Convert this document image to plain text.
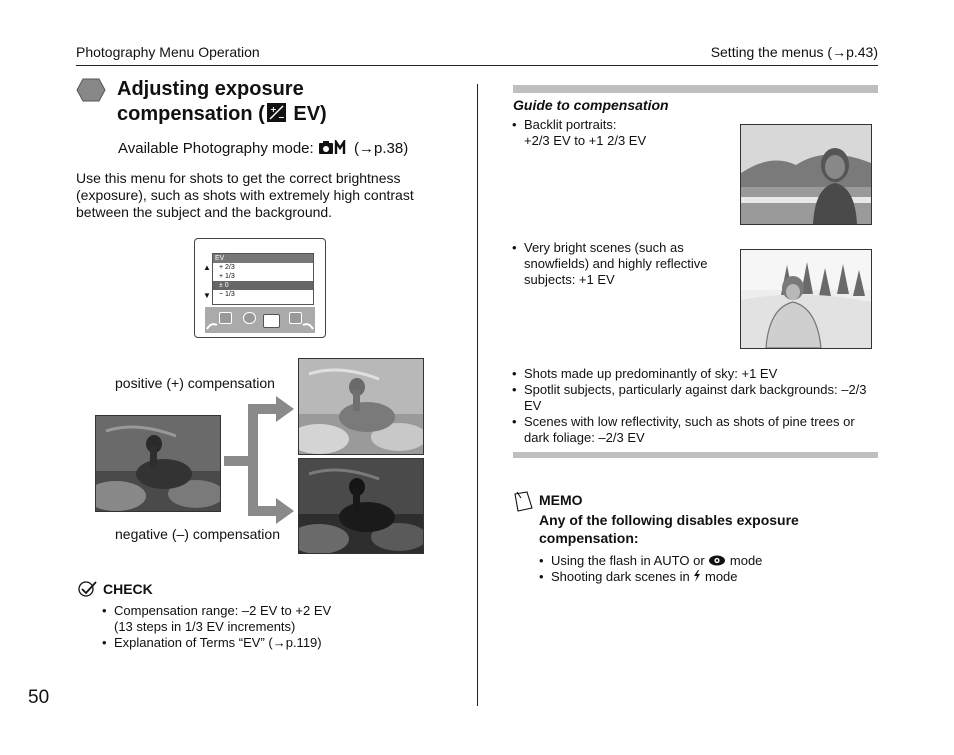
Photography Menu Operation	Setting the menus (→p.43)
Adjusting exposure
compensation ( +
− EV)
Available Photography mode:  (→p.38)
Use this menu for shots to get the correct brightness (exposure), such as shots with extremely high contrast between the subject and the background.
▲
▼
EV
+ 2/3
+ 1/3
± 0
− 1/3
positive (+) compensation
negative (–) compensation
CHECK
• Compensation range: –2 EV to +2 EV
(13 steps in 1/3 EV increments)
• Explanation of Terms “EV” (→p.119)
Guide to compensation
• Backlit portraits:
+2/3 EV to +1 2/3 EV
• Very bright scenes (such as snowfields) and highly reflective subjects: +1 EV
• Shots made up predominantly of sky: +1 EV
• Spotlit subjects, particularly against dark backgrounds: –2/3 EV
• Scenes with low reflectivity, such as shots of pine trees or dark foliage: –2/3 EV
MEMO
Any of the following disables exposure compensation:
• Using the flash in AUTO or  mode
• Shooting dark scenes in  mode
50
